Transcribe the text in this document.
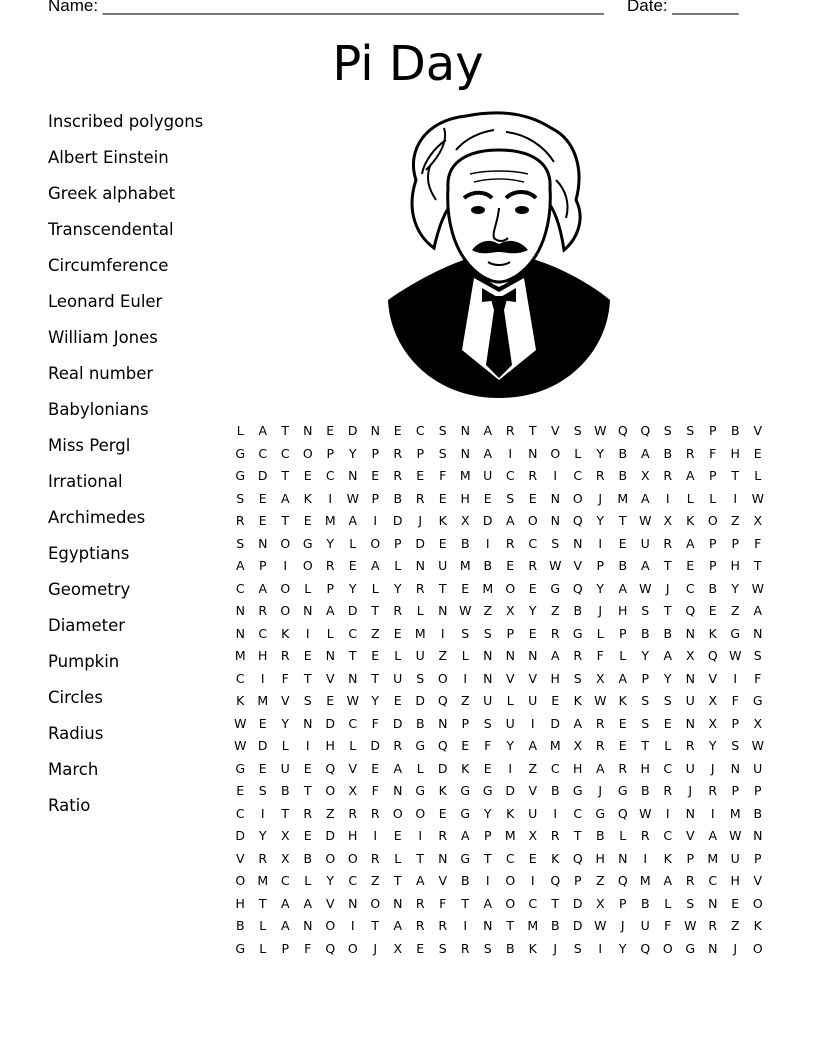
Name: _____________________________________________________ Date: _______
Pi Day
Inscribed polygons
Albert Einstein
Greek alphabet
Transcendental
Circumference
Leonard Euler
William Jones
Real number
Babylonians
Miss Pergl
Irrational
Archimedes
Egyptians
Geometry
Diameter
Pumpkin
Circles
Radius
March
Ratio
L	A	T	N	E	D	N	E	C	S	N	A	R	T	V	S W Q	Q	S	S	P	B	V
G	C	C	O	P	Y	P	R	P	S	N	A	I	N	O	L	Y	B	A	B	R	F	H	E
G	D	T	E	C	N	E	R	E	F	M	U	C	R	I	C	R	B	X	R	A	P	T	L
S	E	A	K	I	W	P	B	R	E	H	E	S	E	N	O	J	M	A	I	L	L	I	W
R	E	T	E	M	A	I	D	J	K	X	D	A	O	N	Q	Y	T	W X	K	O	Z	X
S	N	O	G	Y	L	O	P	D	E	B	I	R	C	S	N	I	E	U	R	A	P	P	F
A	P	I	O	R	E	A	L	N	U	M	B	E	R W V	P	B	A	T	E	P	H	T
C	A	O	L	P	Y	L	Y	R	T	E	M O	E	G	Q	Y	A W	J	C	B	Y	W
N	R	O	N	A	D	T	R	L	N W Z	X	Y	Z	B	J	H	S	T	Q	E	Z	A
N	C	K	I	L	C	Z	E	M	I	S	S	P	E	R	G	L	P	B	B	N	K	G	N
M H	R	E	N	T	E	L	U	Z	L	N	N	N	A	R	F	L	Y	A	X	Q W S
C	I	F	T	V	N	T	U	S	O	I	N	V	V	H	S	X	A	P	Y	N	V	I	F
K	M	V	S	E W Y	E	D	Q	Z	U	L	U	E	K W K	S	S	U	X	F	G
W E	Y	N	D	C	F	D	B	N	P	S	U	I	D	A	R	E	S	E	N	X	P	X
W D	L	I	H	L	D	R	G	Q	E	F	Y	A	M	X	R	E	T	L	R	Y	S W
G	E	U	E	Q	V	E	A	L	D	K	E	I	Z	C	H	A	R	H	C	U	J	N	U
E	S	B	T	O	X	F	N	G	K	G	G	D	V	B	G	J	G	B	R	J	R	P	P
C	I	T	R	Z	R	R	O	O	E	G	Y	K	U	I	C	G	Q W	I	N	I	M	B
D	Y	X	E	D	H	I	E	I	R	A	P	M	X	R	T	B	L	R	C	V	A W N
V	R	X	B	O	O	R	L	T	N	G	T	C	E	K	Q	H	N	I	K	P	M	U	P
O M	C	L	Y	C	Z	T	A	V	B	I	O	I	Q	P	Z	Q M	A	R	C	H	V
H	T	A	A	V	N	O	N	R	F	T	A	O	C	T	D	X	P	B	L	S	N	E	O
B	L	A	N	O	I	T	A	R	R	I	N	T	M	B	D W	J	U	F	W R	Z	K
G	L	P	F	Q	O	J	X	E	S	R	S	B	K	J	S	I	Y	Q	O	G	N	J	O
